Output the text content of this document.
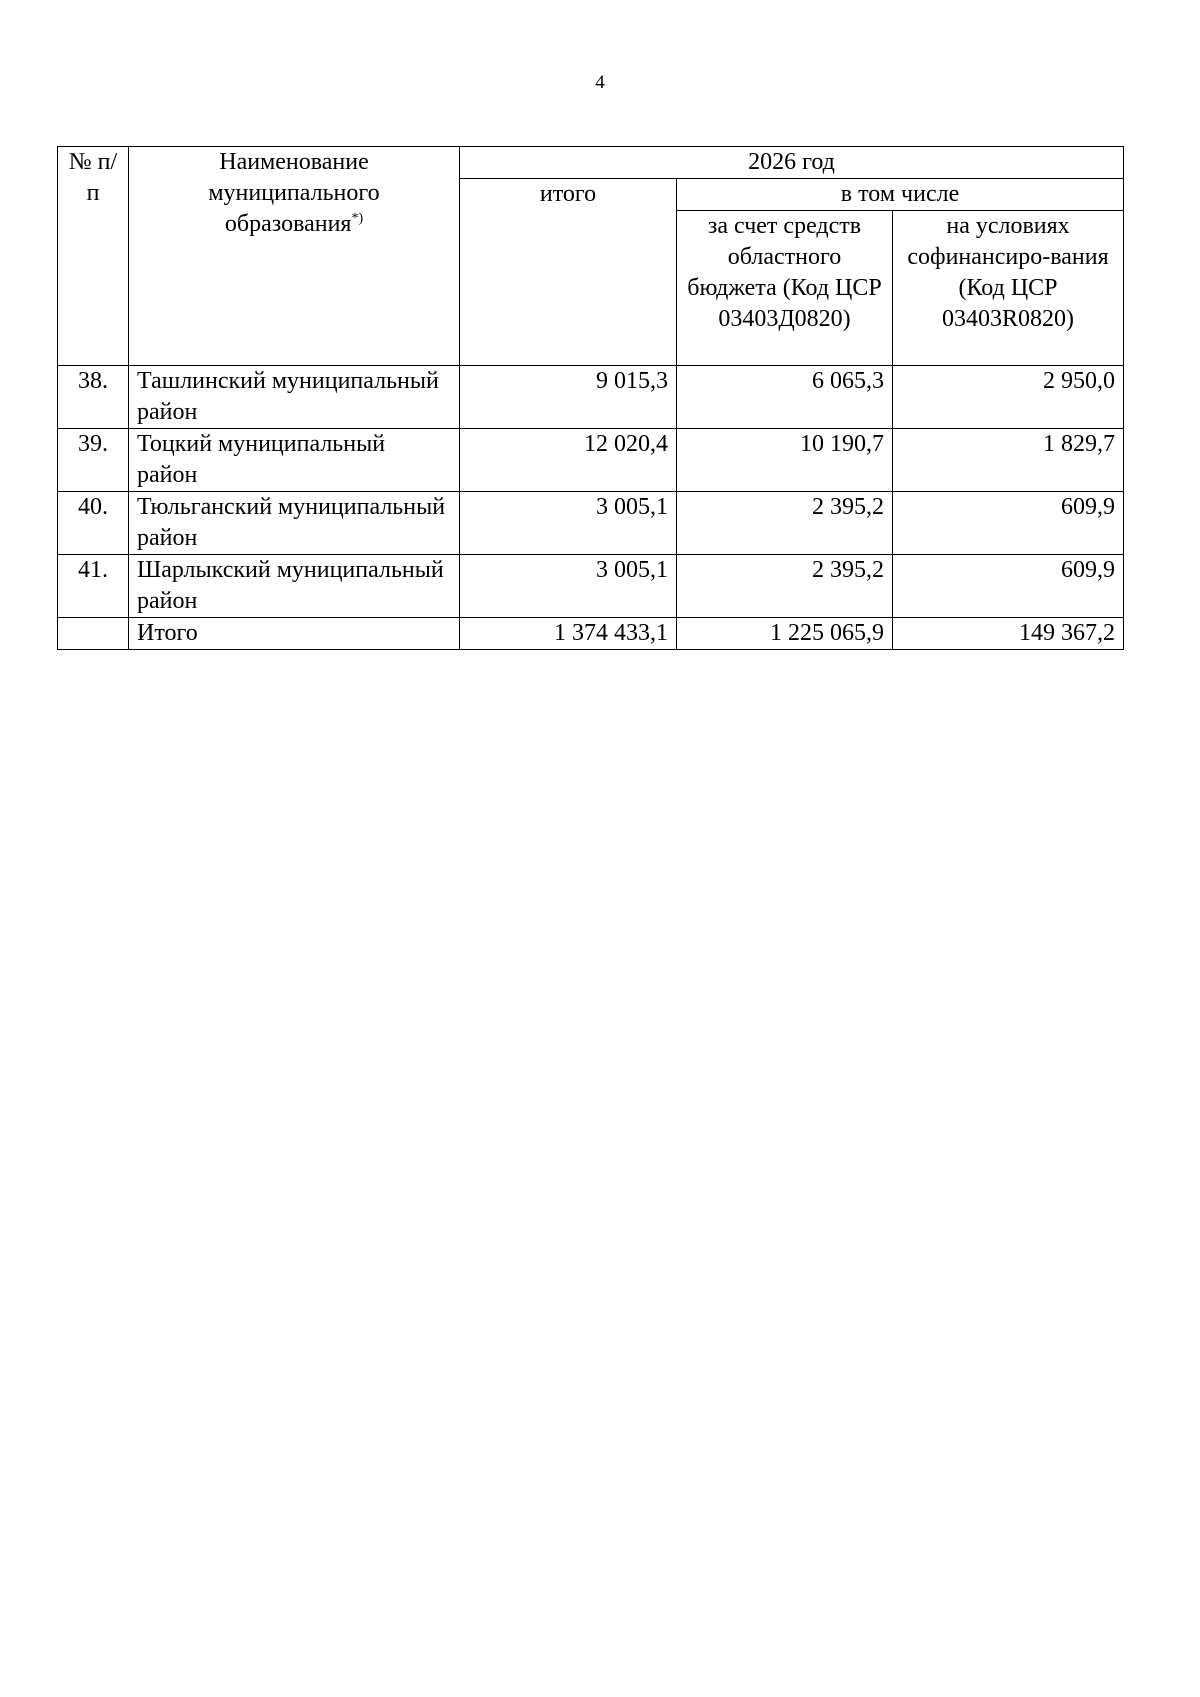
4
№ п/п	Наименование муниципального образования*)	2026 год		
		итого	в том числе	
			за счет средств областного бюджета (Код ЦСР 03403Д0820)	на условиях софинансиро-вания (Код ЦСР 03403R0820)
38.	Ташлинский муниципальный район	9 015,3	6 065,3	2 950,0
39.	Тоцкий муниципальный район	12 020,4	10 190,7	1 829,7
40.	Тюльганский муниципальный район	3 005,1	2 395,2	609,9
41.	Шарлыкский муниципальный район	3 005,1	2 395,2	609,9
	Итого	1 374 433,1	1 225 065,9	149 367,2
